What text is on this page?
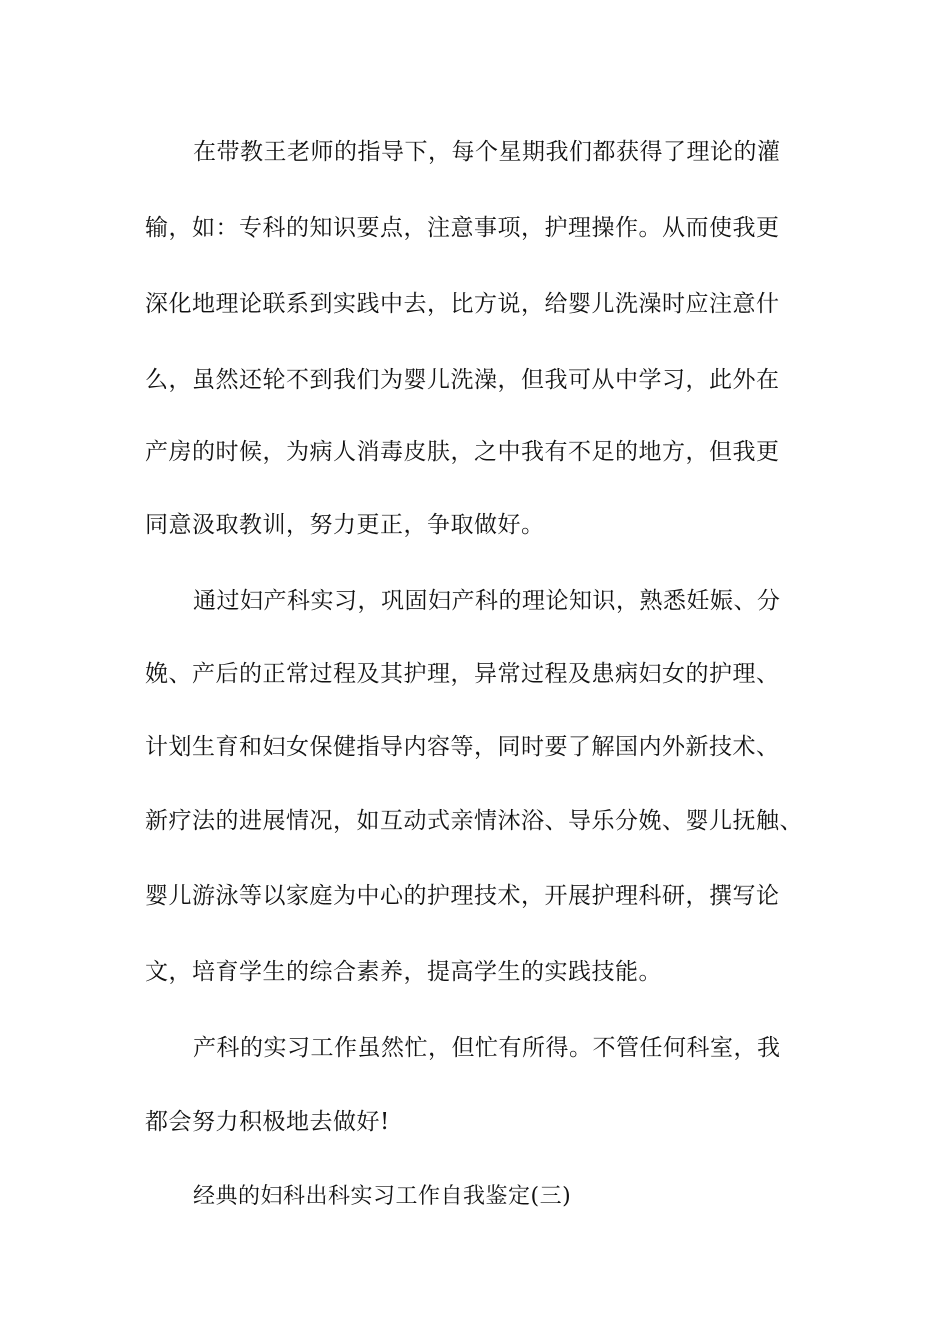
在带教王老师的指导下，每个星期我们都获得了理论的灌
输，如：专科的知识要点，注意事项，护理操作。从而使我更
深化地理论联系到实践中去，比方说，给婴儿洗澡时应注意什
么，虽然还轮不到我们为婴儿洗澡，但我可从中学习，此外在
产房的时候，为病人消毒皮肤，之中我有不足的地方，但我更
同意汲取教训，努力更正，争取做好。
通过妇产科实习，巩固妇产科的理论知识，熟悉妊娠、分
娩、产后的正常过程及其护理，异常过程及患病妇女的护理、
计划生育和妇女保健指导内容等，同时要了解国内外新技术、
新疗法的进展情况，如互动式亲情沐浴、导乐分娩、婴儿抚触、
婴儿游泳等以家庭为中心的护理技术，开展护理科研，撰写论
文，培育学生的综合素养，提高学生的实践技能。
产科的实习工作虽然忙，但忙有所得。不管任何科室，我
都会努力积极地去做好!
经典的妇科出科实习工作自我鉴定(三)
